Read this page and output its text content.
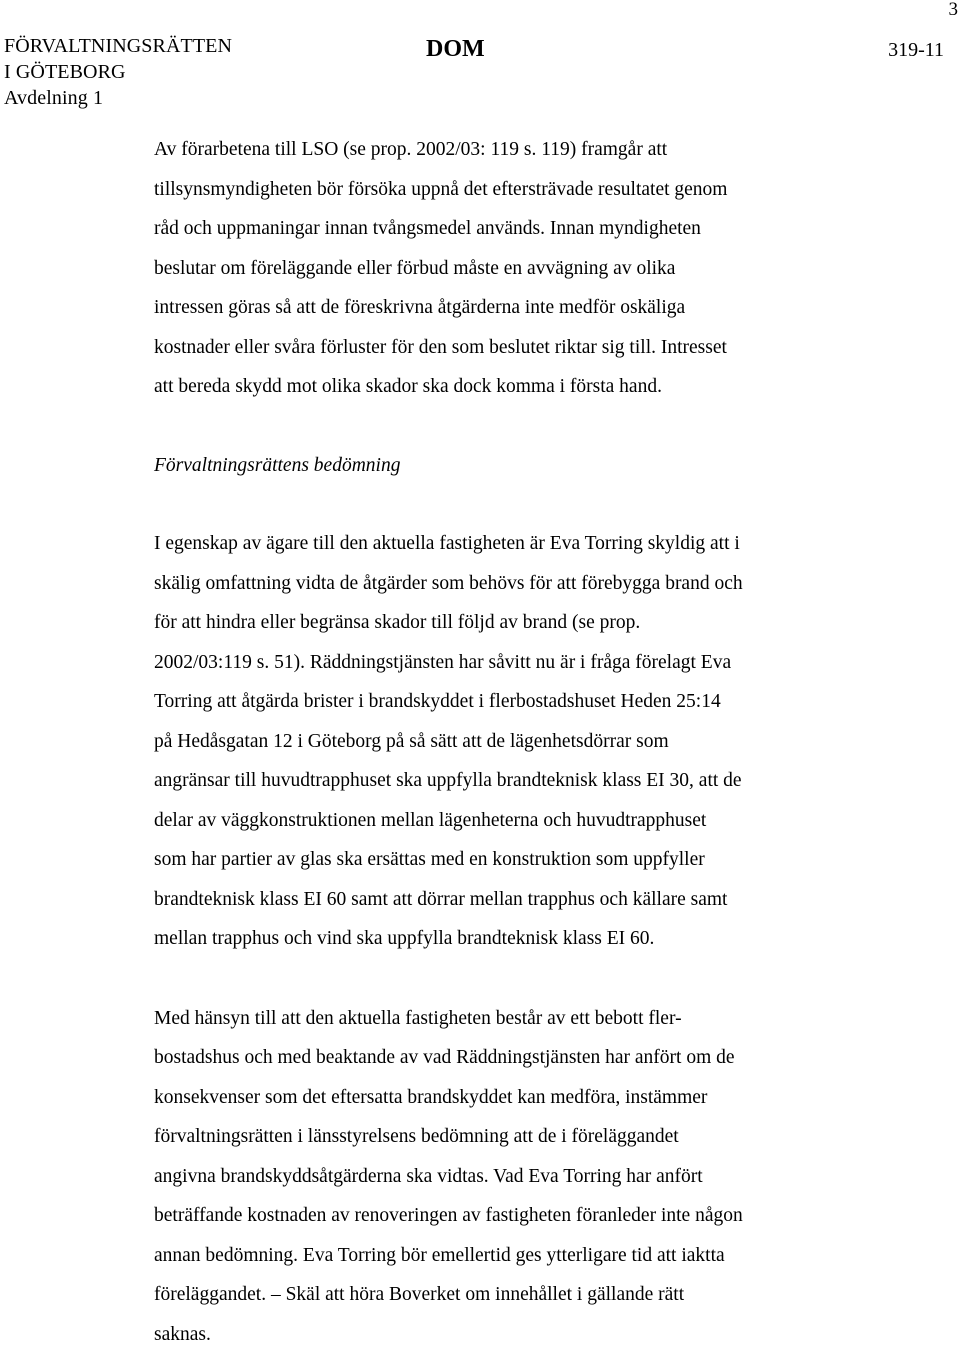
3
FÖRVALTNINGSRÄTTEN
I GÖTEBORG
Avdelning 1
DOM	319-11

Av förarbetena till LSO (se prop. 2002/03: 119 s. 119) framgår att
tillsynsmyndigheten bör försöka uppnå det eftersträvade resultatet genom
råd och uppmaningar innan tvångsmedel används. Innan myndigheten
beslutar om föreläggande eller förbud måste en avvägning av olika
intressen göras så att de föreskrivna åtgärderna inte medför oskäliga
kostnader eller svåra förluster för den som beslutet riktar sig till. Intresset
att bereda skydd mot olika skador ska dock komma i första hand.

Förvaltningsrättens bedömning

I egenskap av ägare till den aktuella fastigheten är Eva Torring skyldig att i
skälig omfattning vidta de åtgärder som behövs för att förebygga brand och
för att hindra eller begränsa skador till följd av brand (se prop.
2002/03:119 s. 51). Räddningstjänsten har såvitt nu är i fråga förelagt Eva
Torring att åtgärda brister i brandskyddet i flerbostadshuset Heden 25:14
på Hedåsgatan 12 i Göteborg på så sätt att de lägenhetsdörrar som
angränsar till huvudtrapphuset ska uppfylla brandteknisk klass EI 30, att de
delar av väggkonstruktionen mellan lägenheterna och huvudtrapphuset
som har partier av glas ska ersättas med en konstruktion som uppfyller
brandteknisk klass EI 60 samt att dörrar mellan trapphus och källare samt
mellan trapphus och vind ska uppfylla brandteknisk klass EI 60.

Med hänsyn till att den aktuella fastigheten består av ett bebott fler-
bostadshus och med beaktande av vad Räddningstjänsten har anfört om de
konsekvenser som det eftersatta brandskyddet kan medföra, instämmer
förvaltningsrätten i länsstyrelsens bedömning att de i föreläggandet
angivna brandskyddsåtgärderna ska vidtas. Vad Eva Torring har anfört
beträffande kostnaden av renoveringen av fastigheten föranleder inte någon
annan bedömning. Eva Torring bör emellertid ges ytterligare tid att iaktta
föreläggandet. – Skäl att höra Boverket om innehållet i gällande rätt
saknas.
